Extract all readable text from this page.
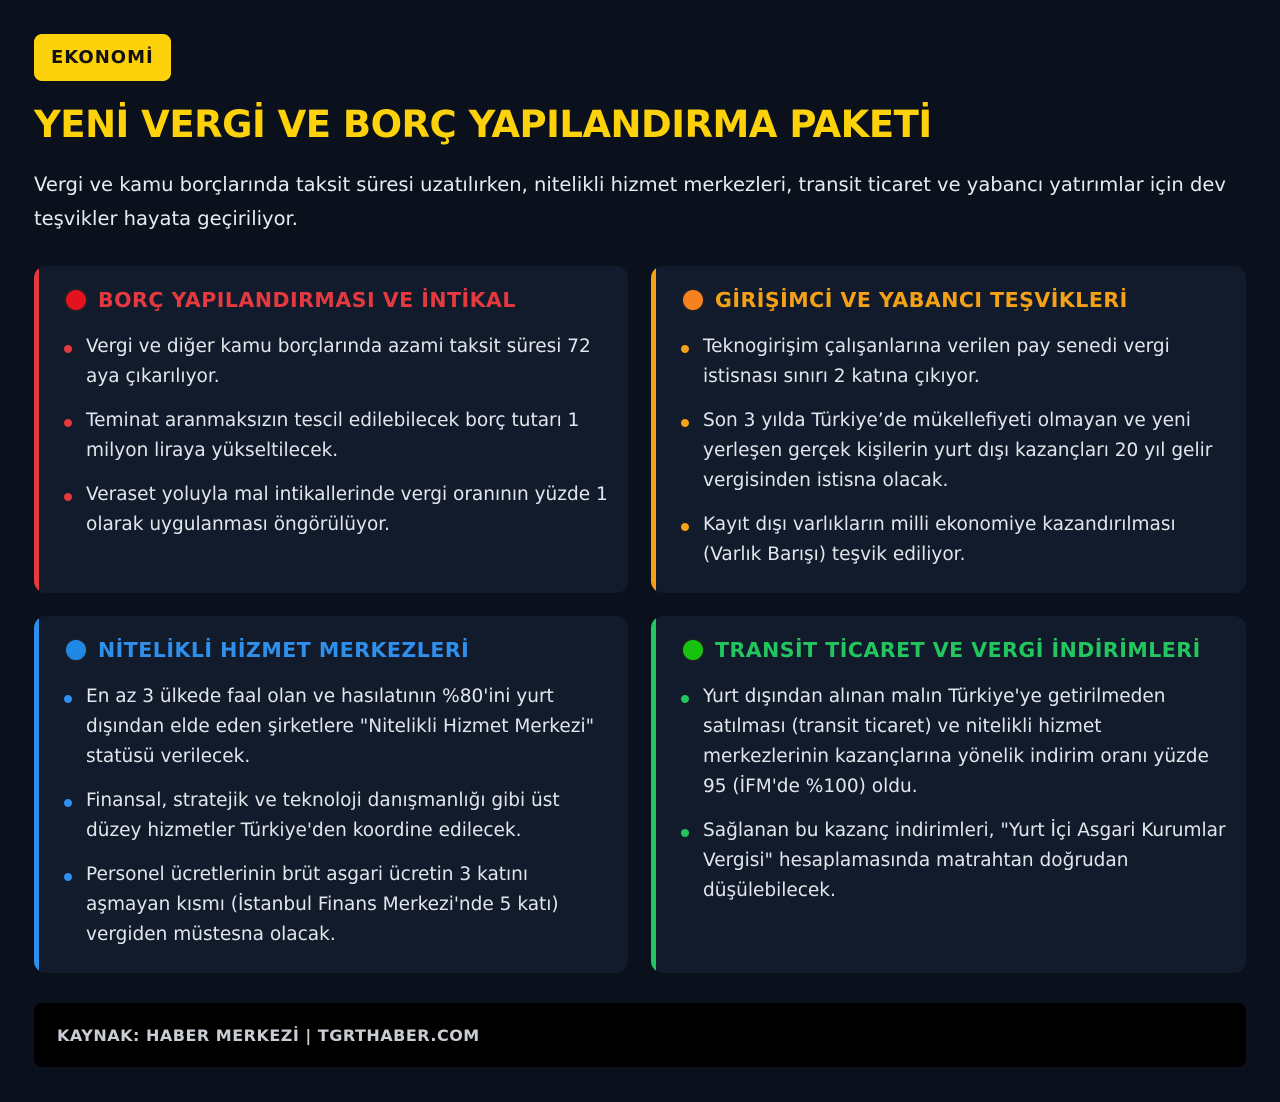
EKONOMİ
YENİ VERGİ VE BORÇ YAPILANDIRMA PAKETİ

Vergi ve kamu borçlarında taksit süresi uzatılırken, nitelikli hizmet merkezleri, transit ticaret ve yabancı yatırımlar için dev teşvikler hayata geçiriliyor.

BORÇ YAPILANDIRMASI VE İNTİKAL
Vergi ve diğer kamu borçlarında azami taksit süresi 72 aya çıkarılıyor.
Teminat aranmaksızın tescil edilebilecek borç tutarı 1 milyon liraya yükseltilecek.
Veraset yoluyla mal intikallerinde vergi oranının yüzde 1 olarak uygulanması öngörülüyor.
GİRİŞİMCİ VE YABANCI TEŞVİKLERİ
Teknogirişim çalışanlarına verilen pay senedi vergi istisnası sınırı 2 katına çıkıyor.
Son 3 yılda Türkiye’de mükellefiyeti olmayan ve yeni yerleşen gerçek kişilerin yurt dışı kazançları 20 yıl gelir vergisinden istisna olacak.
Kayıt dışı varlıkların milli ekonomiye kazandırılması (Varlık Barışı) teşvik ediliyor.
NİTELİKLİ HİZMET MERKEZLERİ
En az 3 ülkede faal olan ve hasılatının %80'ini yurt dışından elde eden şirketlere "Nitelikli Hizmet Merkezi" statüsü verilecek.
Finansal, stratejik ve teknoloji danışmanlığı gibi üst düzey hizmetler Türkiye'den koordine edilecek.
Personel ücretlerinin brüt asgari ücretin 3 katını aşmayan kısmı (İstanbul Finans Merkezi'nde 5 katı) vergiden müstesna olacak.
TRANSİT TİCARET VE VERGİ İNDİRİMLERİ
Yurt dışından alınan malın Türkiye'ye getirilmeden satılması (transit ticaret) ve nitelikli hizmet merkezlerinin kazançlarına yönelik indirim oranı yüzde 95 (İFM'de %100) oldu.
Sağlanan bu kazanç indirimleri, "Yurt İçi Asgari Kurumlar Vergisi" hesaplamasında matrahtan doğrudan düşülebilecek.
KAYNAK: HABER MERKEZİ | TGRTHABER.COM
